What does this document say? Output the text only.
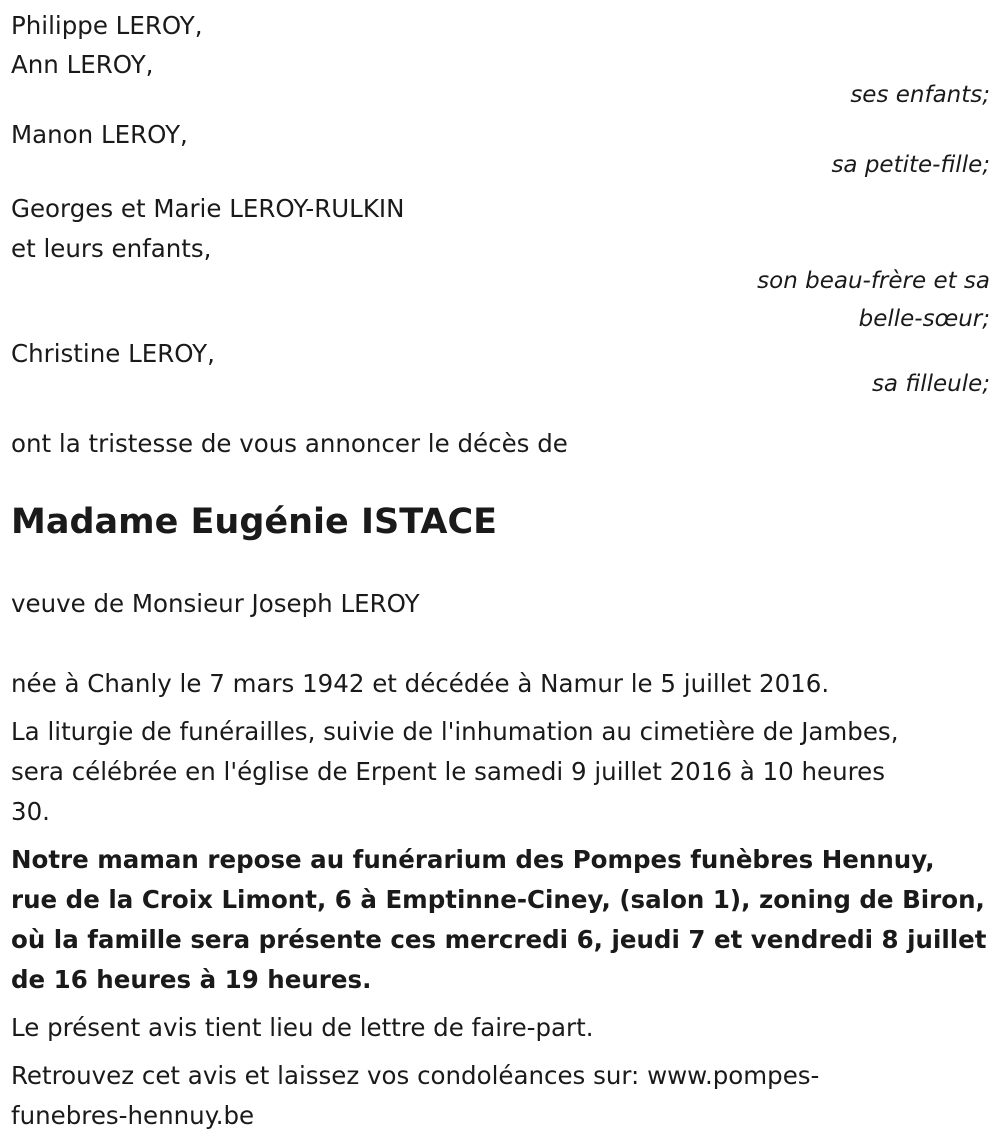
Philippe LEROY,
Ann LEROY,
ses enfants;
Manon LEROY,
sa petite-fille;
Georges et Marie LEROY-RULKIN
et leurs enfants,
son beau-frère et sa
belle-sœur;
Christine LEROY,
sa filleule;
ont la tristesse de vous annoncer le décès de
Madame Eugénie ISTACE
veuve de Monsieur Joseph LEROY
née à Chanly le 7 mars 1942 et décédée à Namur le 5 juillet 2016.
La liturgie de funérailles, suivie de l'inhumation au cimetière de Jambes,
sera célébrée en l'église de Erpent le samedi 9 juillet 2016 à 10 heures
30.
Notre maman repose au funérarium des Pompes funèbres Hennuy,
rue de la Croix Limont, 6 à Emptinne-Ciney, (salon 1), zoning de Biron,
où la famille sera présente ces mercredi 6, jeudi 7 et vendredi 8 juillet
de 16 heures à 19 heures.
Le présent avis tient lieu de lettre de faire-part.
Retrouvez cet avis et laissez vos condoléances sur: www.pompes-
funebres-hennuy.be
